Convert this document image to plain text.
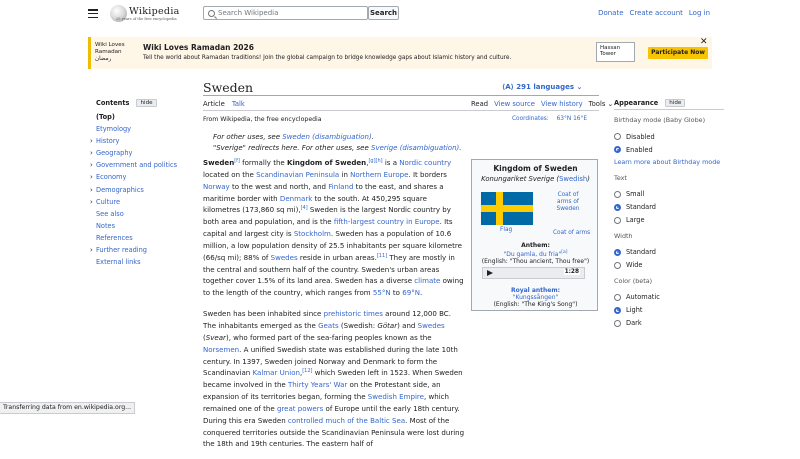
Wikipedia
25 years of the free encyclopedia
Search Wikipedia
Search	Donate Create account Log in
Wiki Loves Ramadan
رمضان
Wiki Loves Ramadan 2026
Tell the world about Ramadan traditions! Join the global campaign to bridge knowledge gaps about Islamic history and culture.
Hassan Tower	Participate Now
✕
Sweden	⟨A⟩ 291 languages ⌄
Article Talk	Read View source View history Tools ⌄
From Wikipedia, the free encyclopedia	Coordinates: 63°N 16°E
For other uses, see Sweden (disambiguation).
"Sverige" redirects here. For other uses, see Sverige (disambiguation).

Sweden[f] formally the Kingdom of Sweden,[g][h] is a Nordic country located on the Scandinavian Peninsula in Northern Europe. It borders Norway to the west and north, and Finland to the east, and shares a maritime border with Denmark to the south. At 450,295 square kilometres (173,860 sq mi),[4] Sweden is the largest Nordic country by both area and population, and is the fifth-largest country in Europe. Its capital and largest city is Stockholm. Sweden has a population of 10.6 million, a low population density of 25.5 inhabitants per square kilometre (66/sq mi); 88% of Swedes reside in urban areas.[11] They are mostly in the central and southern half of the country. Sweden's urban areas together cover 1.5% of its land area. Sweden has a diverse climate owing to the length of the country, which ranges from 55°N to 69°N.

Sweden has been inhabited since prehistoric times around 12,000 BC. The inhabitants emerged as the Geats (Swedish: Götar) and Swedes (Svear), who formed part of the sea-faring peoples known as the Norsemen. A unified Swedish state was established during the late 10th century. In 1397, Sweden joined Norway and Denmark to form the Scandinavian Kalmar Union,[12] which Sweden left in 1523. When Sweden became involved in the Thirty Years' War on the Protestant side, an expansion of its territories began, forming the Swedish Empire, which remained one of the great powers of Europe until the early 18th century. During this era Sweden controlled much of the Baltic Sea. Most of the conquered territories outside the Scandinavian Peninsula were lost during the 18th and 19th centuries. The eastern half of

Kingdom of Sweden
Konungariket Sverige (Swedish)
Flag
Coat of arms of Sweden
Coat of arms
Anthem:
"Du gamla, du fria"[a]
(English: "Thou ancient, Thou free")
1:28
Royal anthem:
"Kungssången"
(English: "The King's Song")
Contents	hide
(Top)
Etymology
› History
› Geography
› Government and politics
› Economy
› Demographics
› Culture
See also
Notes
References
› Further reading
External links
Appearance	hide
Birthday mode (Baby Globe)
Disabled
Enabled
Learn more about Birthday mode
Text
Small
Standard
Large
Width
Standard
Wide
Color (beta)
Automatic
Light
Dark
Transferring data from en.wikipedia.org...
